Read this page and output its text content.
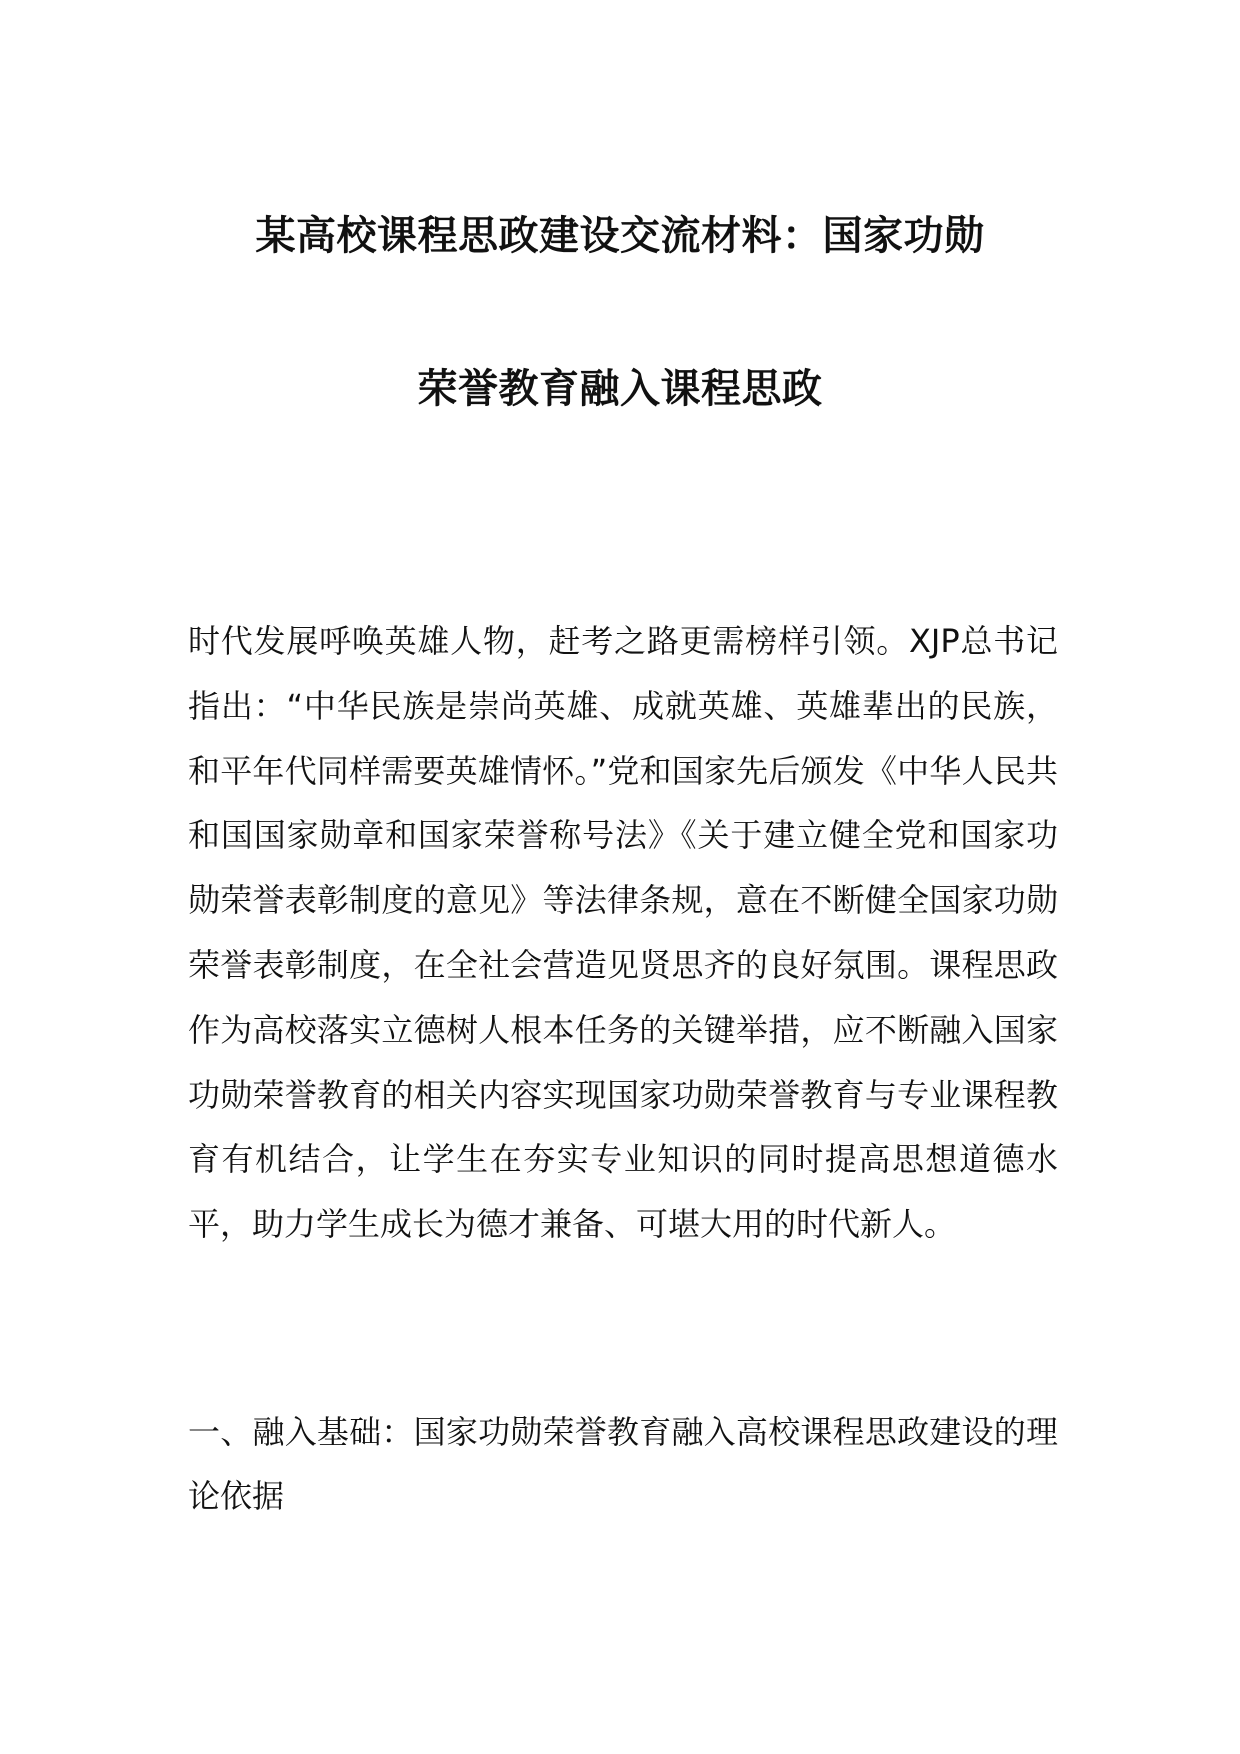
某高校课程思政建设交流材料：国家功勋
荣誉教育融入课程思政

时代发展呼唤英雄人物，赶考之路更需榜样引领。XJP总书记指出：“中华民族是崇尚英雄、成就英雄、英雄辈出的民族，和平年代同样需要英雄情怀。”党和国家先后颁发《中华人民共和国国家勋章和国家荣誉称号法》《关于建立健全党和国家功勋荣誉表彰制度的意见》等法律条规，意在不断健全国家功勋荣誉表彰制度，在全社会营造见贤思齐的良好氛围。课程思政作为高校落实立德树人根本任务的关键举措，应不断融入国家功勋荣誉教育的相关内容实现国家功勋荣誉教育与专业课程教育有机结合，让学生在夯实专业知识的同时提高思想道德水平，助力学生成长为德才兼备、可堪大用的时代新人。

一、融入基础：国家功勋荣誉教育融入高校课程思政建设的理论依据
